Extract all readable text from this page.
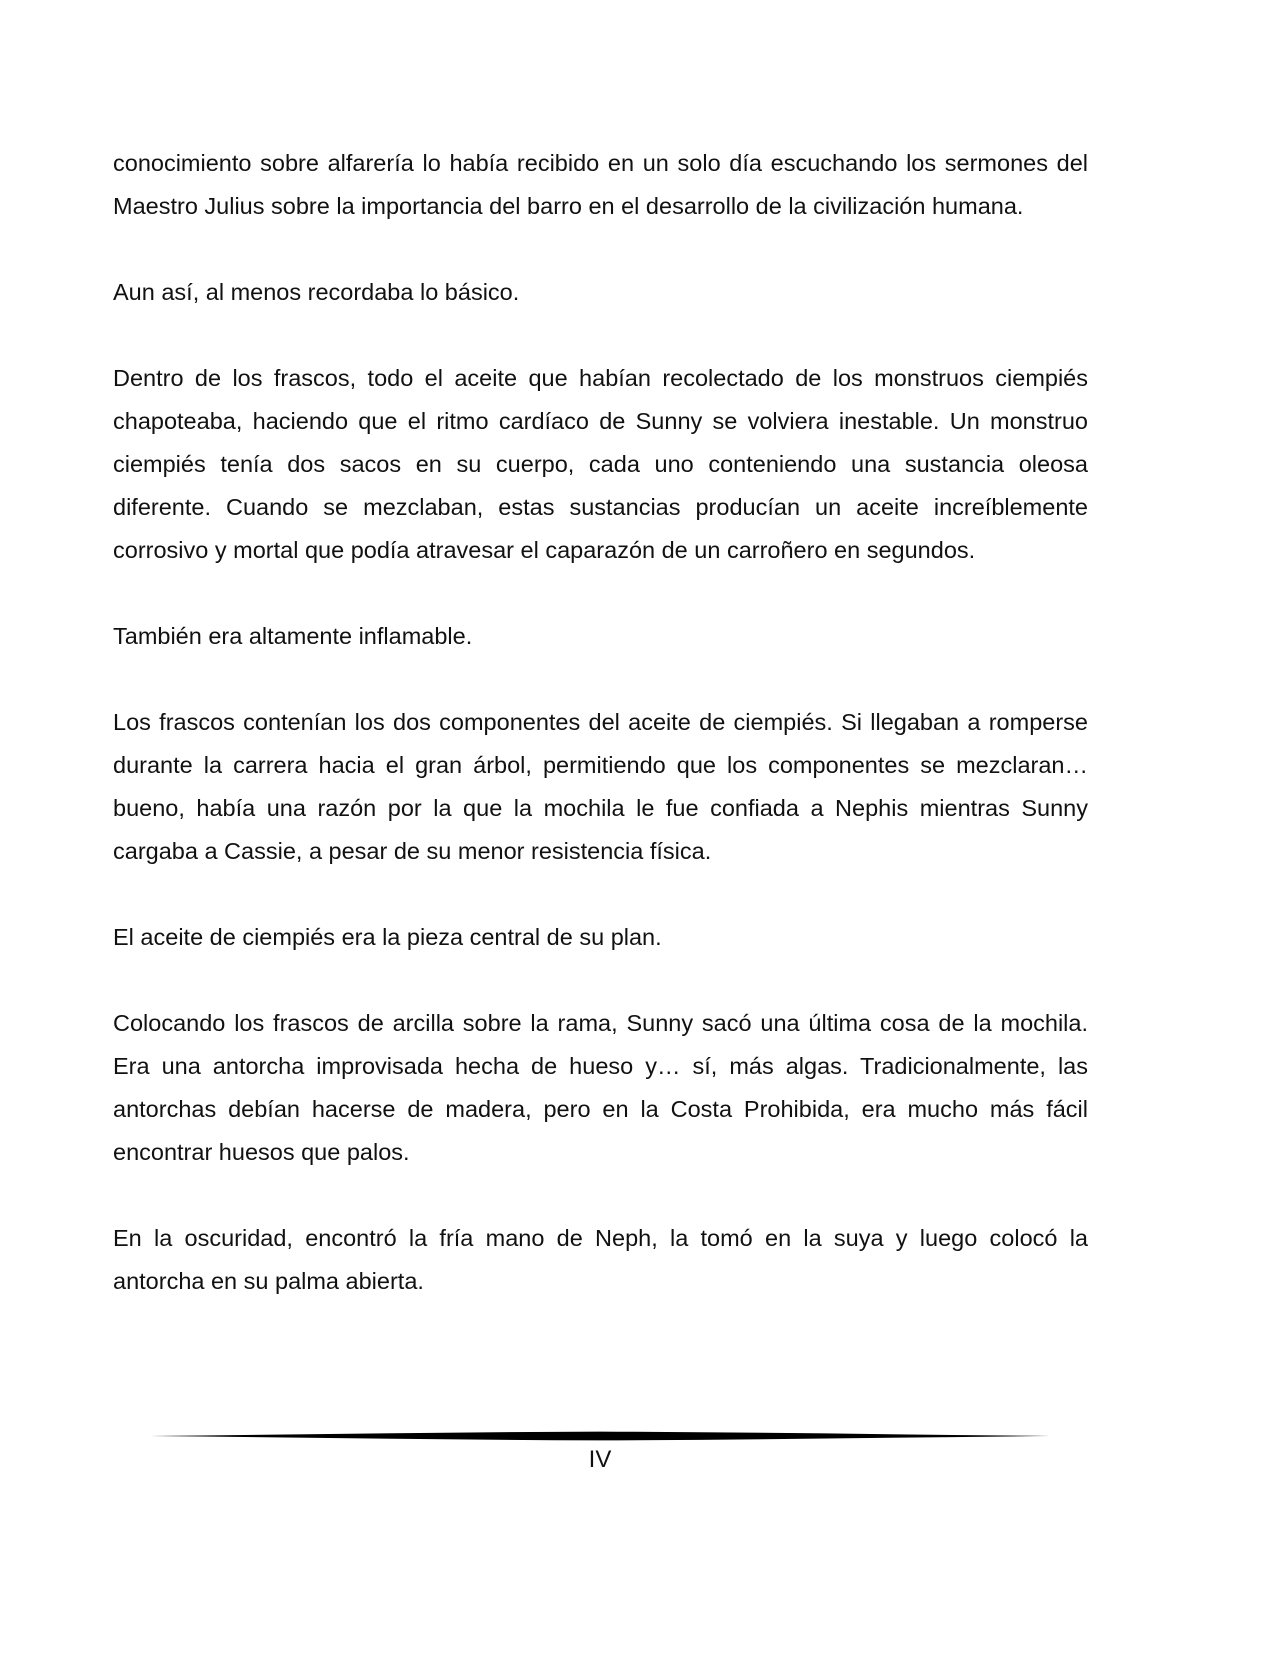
conocimiento sobre alfarería lo había recibido en un solo día escuchando los sermones del Maestro Julius sobre la importancia del barro en el desarrollo de la civilización humana.

Aun así, al menos recordaba lo básico.

Dentro de los frascos, todo el aceite que habían recolectado de los monstruos ciempiés chapoteaba, haciendo que el ritmo cardíaco de Sunny se volviera inestable. Un monstruo ciempiés tenía dos sacos en su cuerpo, cada uno conteniendo una sustancia oleosa diferente. Cuando se mezclaban, estas sustancias producían un aceite increíblemente corrosivo y mortal que podía atravesar el caparazón de un carroñero en segundos.

También era altamente inflamable.

Los frascos contenían los dos componentes del aceite de ciempiés. Si llegaban a romperse durante la carrera hacia el gran árbol, permitiendo que los componentes se mezclaran… bueno, había una razón por la que la mochila le fue confiada a Nephis mientras Sunny cargaba a Cassie, a pesar de su menor resistencia física.

El aceite de ciempiés era la pieza central de su plan.

Colocando los frascos de arcilla sobre la rama, Sunny sacó una última cosa de la mochila. Era una antorcha improvisada hecha de hueso y… sí, más algas. Tradicionalmente, las antorchas debían hacerse de madera, pero en la Costa Prohibida, era mucho más fácil encontrar huesos que palos.

En la oscuridad, encontró la fría mano de Neph, la tomó en la suya y luego colocó la antorcha en su palma abierta.

IV
